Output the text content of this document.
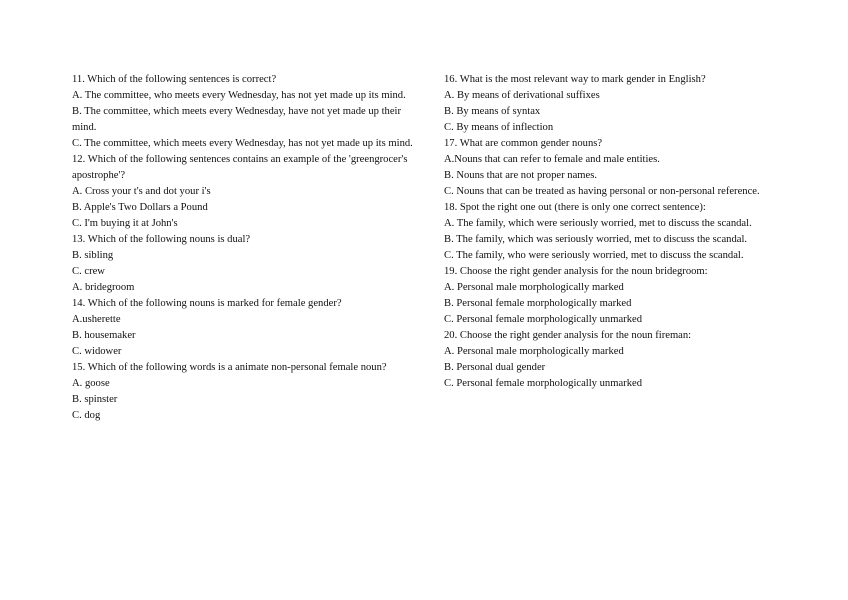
11. Which of the following sentences is correct?
A. The committee, who meets every Wednesday, has not yet made up its mind.
B. The committee, which meets every Wednesday, have not yet made up their mind.
C. The committee, which meets every Wednesday, has not yet made up its mind.
12. Which of the following sentences contains an example of the 'greengrocer's apostrophe'?
A. Cross your t's and dot your i's
B. Apple's Two Dollars a Pound
C. I'm buying it at John's
13. Which of the following nouns is dual?
B. sibling
C. crew
A. bridegroom
14. Which of the following nouns is marked for female gender?
A.usherette
B. housemaker
C. widower
15. Which of the following words is a animate non-personal female noun?
A. goose
B. spinster
C. dog
16. What is the most relevant way to mark gender in English?
A. By means of derivational suffixes
B. By means of syntax
C. By means of inflection
17. What are common gender nouns?
A.Nouns that can refer to female and male entities.
B. Nouns that are not proper names.
C. Nouns that can be treated as having personal or non-personal reference.
18. Spot the right one out (there is only one correct sentence):
A. The family, which were seriously worried, met to discuss the scandal.
B. The family, which was seriously worried, met to discuss the scandal.
C. The family, who were seriously worried, met to discuss the scandal.
19. Choose the right gender analysis for the noun bridegroom:
A. Personal male morphologically marked
B. Personal female morphologically marked
C. Personal female morphologically unmarked
20. Choose the right gender analysis for the noun fireman:
A. Personal male morphologically marked
B. Personal dual gender
C. Personal female morphologically unmarked
